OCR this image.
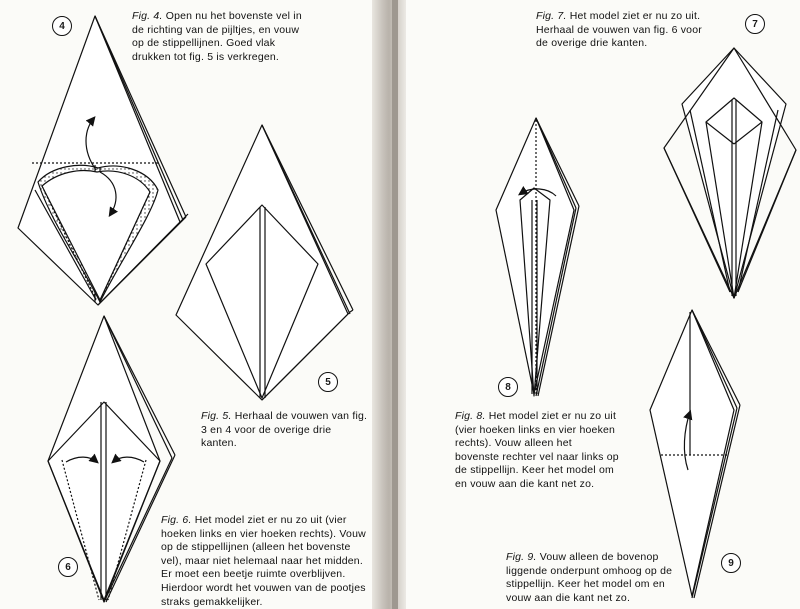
4
5
6
7
8
9
Fig. 4. Open nu het bovenste vel in de richting van de pijltjes, en vouw op de stippellijnen. Goed vlak drukken tot fig. 5 is verkregen.
Fig. 5. Herhaal de vouwen van fig. 3 en 4 voor de overige drie kanten.
Fig. 6. Het model ziet er nu zo uit (vier hoeken links en vier hoeken rechts). Vouw op de stippellijnen (alleen het bovenste vel), maar niet helemaal naar het midden. Er moet een beetje ruimte overblijven. Hierdoor wordt het vouwen van de pootjes straks gemakkelijker.
Fig. 7. Het model ziet er nu zo uit. Herhaal de vouwen van fig. 6 voor de overige drie kanten.
Fig. 8. Het model ziet er nu zo uit (vier hoeken links en vier hoeken rechts). Vouw alleen het bovenste rechter vel naar links op de stippellijn. Keer het model om en vouw aan die kant net zo.
Fig. 9. Vouw alleen de bovenop liggende onderpunt omhoog op de stippellijn. Keer het model om en vouw aan die kant net zo.
